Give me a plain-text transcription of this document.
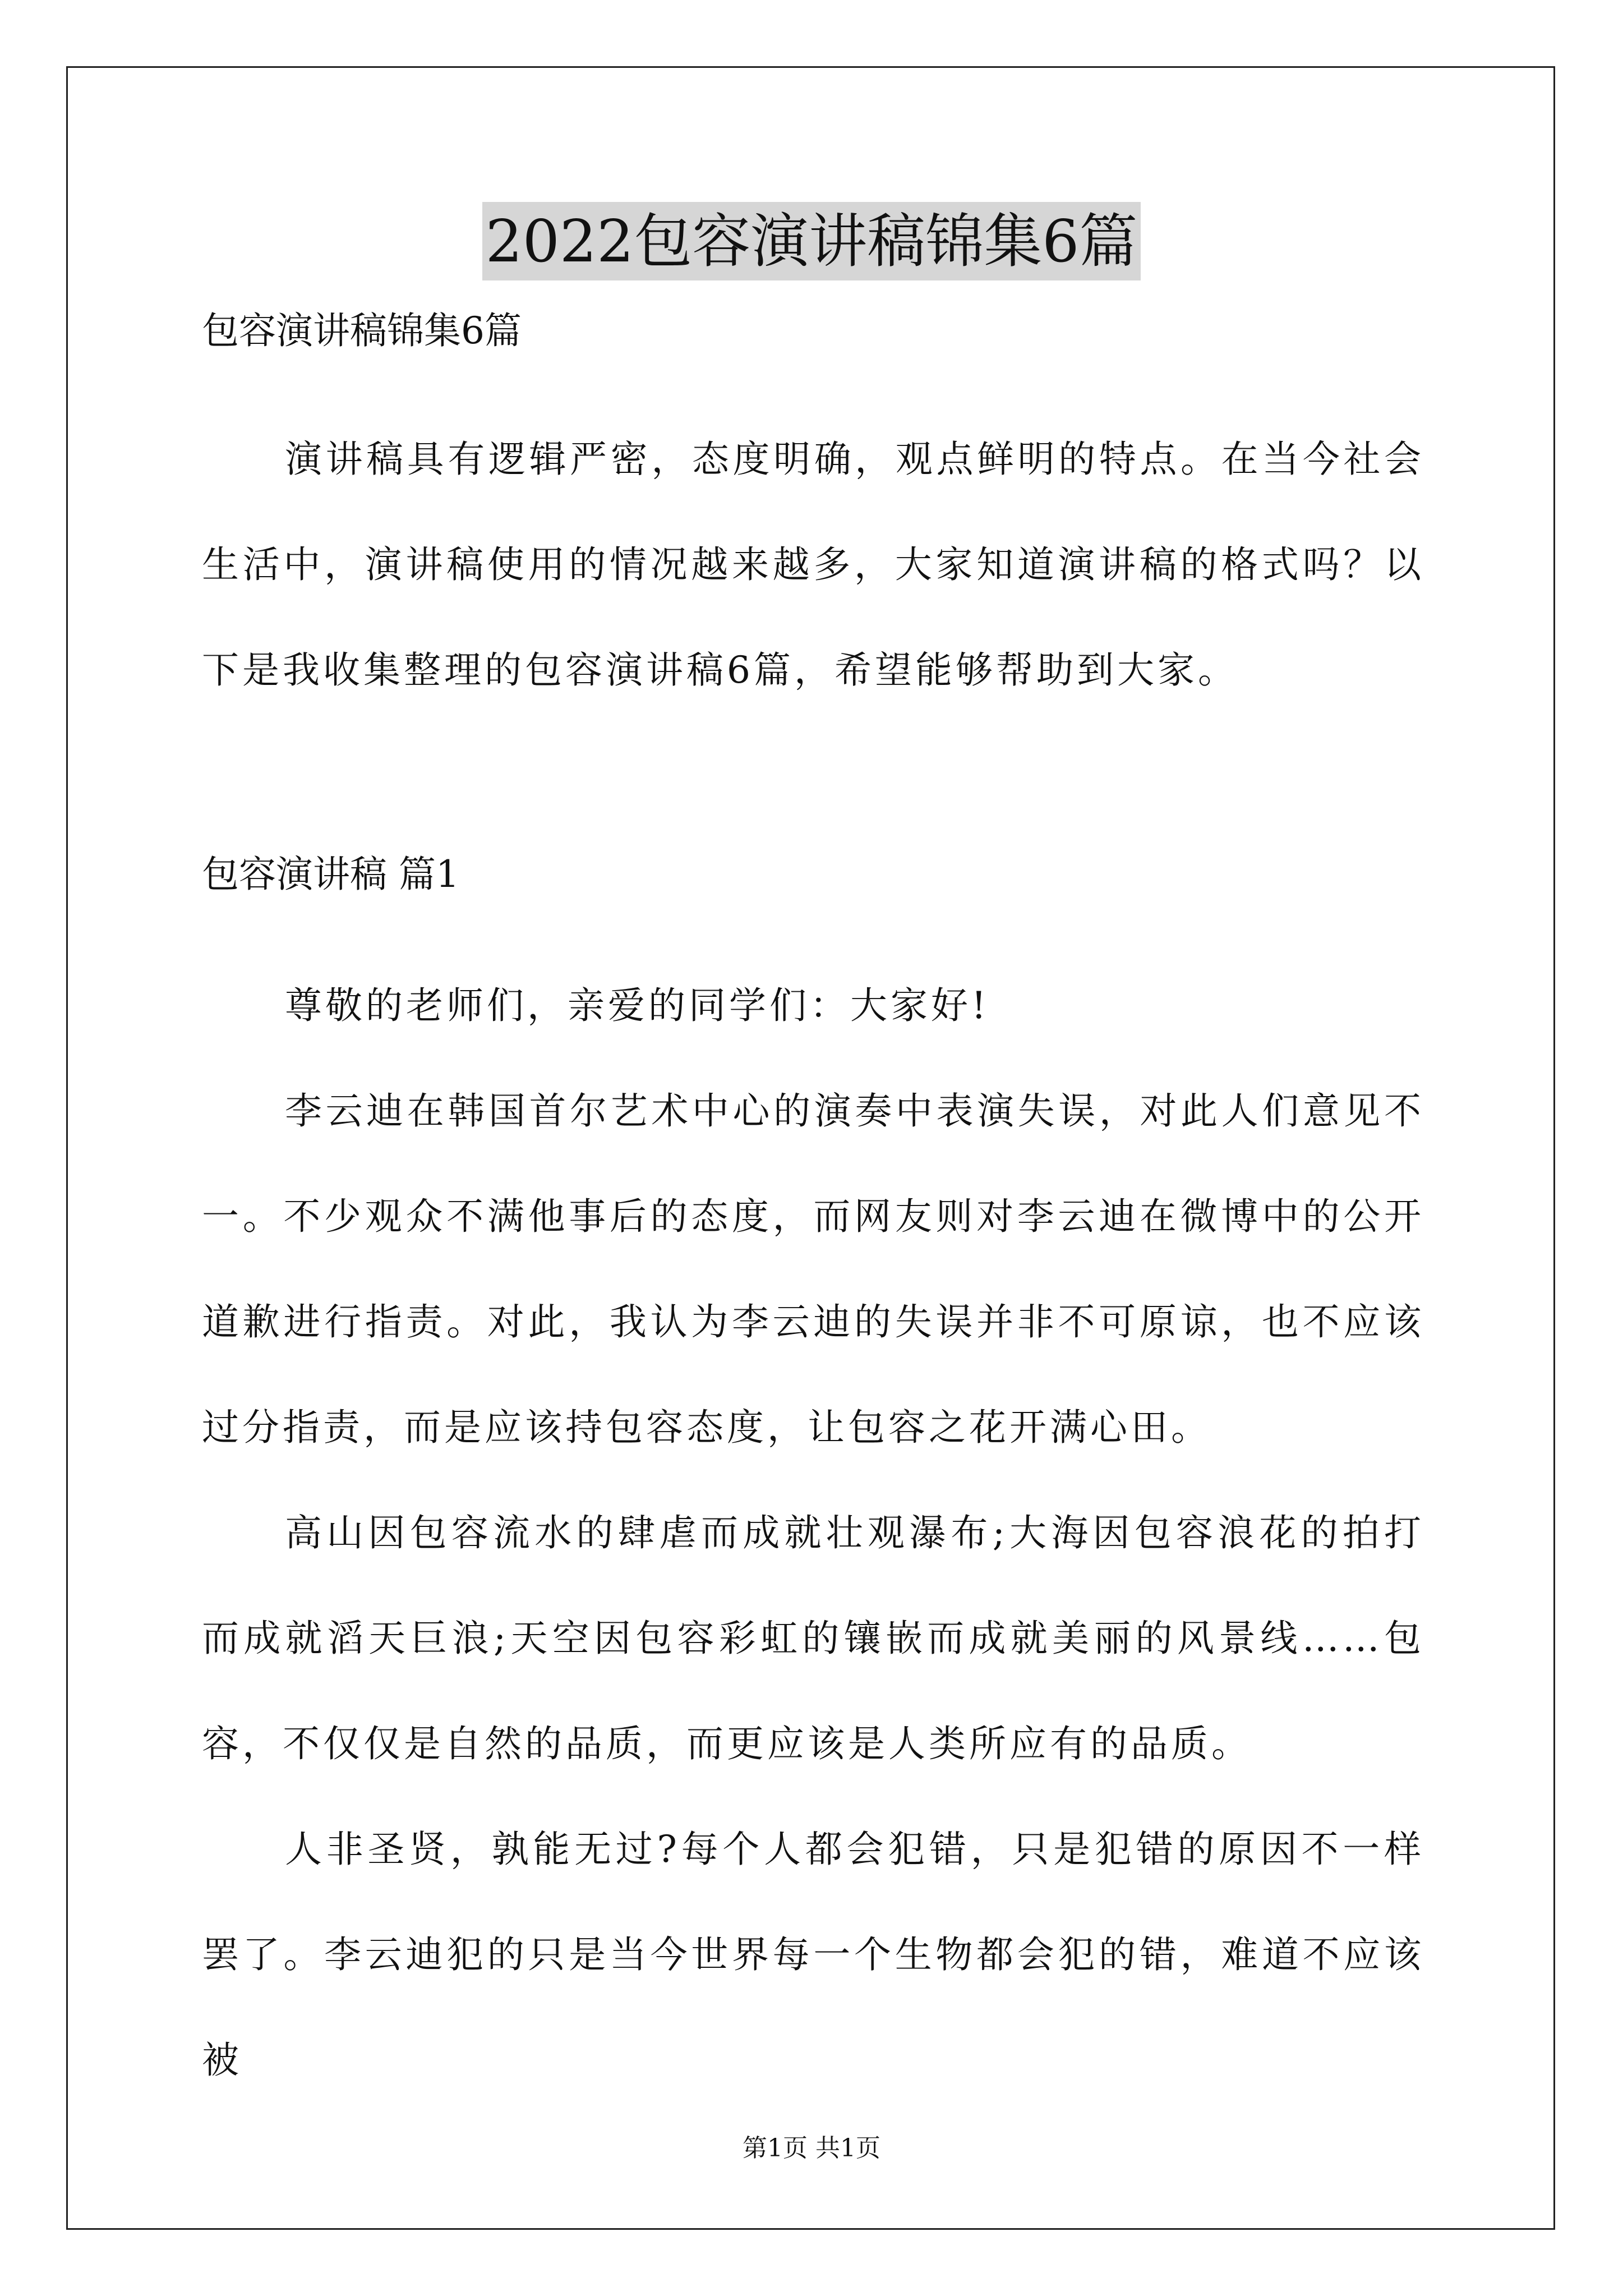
2022包容演讲稿锦集6篇
包容演讲稿锦集6篇

演讲稿具有逻辑严密，态度明确，观点鲜明的特点。在当今社会生活中，演讲稿使用的情况越来越多，大家知道演讲稿的格式吗？以下是我收集整理的包容演讲稿6篇，希望能够帮助到大家。

包容演讲稿 篇1

尊敬的老师们，亲爱的同学们：大家好!

李云迪在韩国首尔艺术中心的演奏中表演失误，对此人们意见不一。不少观众不满他事后的态度，而网友则对李云迪在微博中的公开道歉进行指责。对此，我认为李云迪的失误并非不可原谅，也不应该过分指责，而是应该持包容态度，让包容之花开满心田。

高山因包容流水的肆虐而成就壮观瀑布;大海因包容浪花的拍打而成就滔天巨浪;天空因包容彩虹的镶嵌而成就美丽的风景线……包容，不仅仅是自然的品质，而更应该是人类所应有的品质。

人非圣贤，孰能无过?每个人都会犯错，只是犯错的原因不一样罢了。李云迪犯的只是当今世界每一个生物都会犯的错，难道不应该被

第1页 共1页
